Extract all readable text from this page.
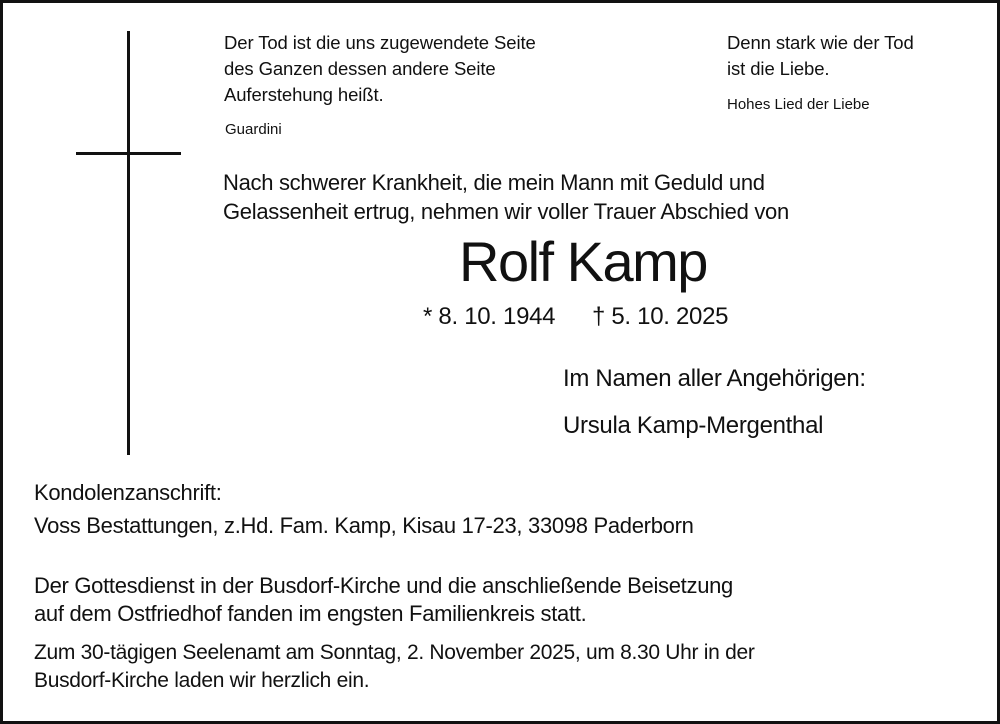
Der Tod ist die uns zugewendete Seite
des Ganzen dessen andere Seite
Auferstehung heißt.
Guardini
Denn stark wie der Tod
ist die Liebe.
Hohes Lied der Liebe
Nach schwerer Krankheit, die mein Mann mit Geduld und
Gelassenheit ertrug, nehmen wir voller Trauer Abschied von
Rolf Kamp
* 8. 10. 1944 † 5. 10. 2025
Im Namen aller Angehörigen:
Ursula Kamp-Mergenthal
Kondolenzanschrift:
Voss Bestattungen, z.Hd. Fam. Kamp, Kisau 17-23, 33098 Paderborn
Der Gottesdienst in der Busdorf-Kirche und die anschließende Beisetzung
auf dem Ostfriedhof fanden im engsten Familienkreis statt.
Zum 30-tägigen Seelenamt am Sonntag, 2. November 2025, um 8.30 Uhr in der
Busdorf-Kirche laden wir herzlich ein.
